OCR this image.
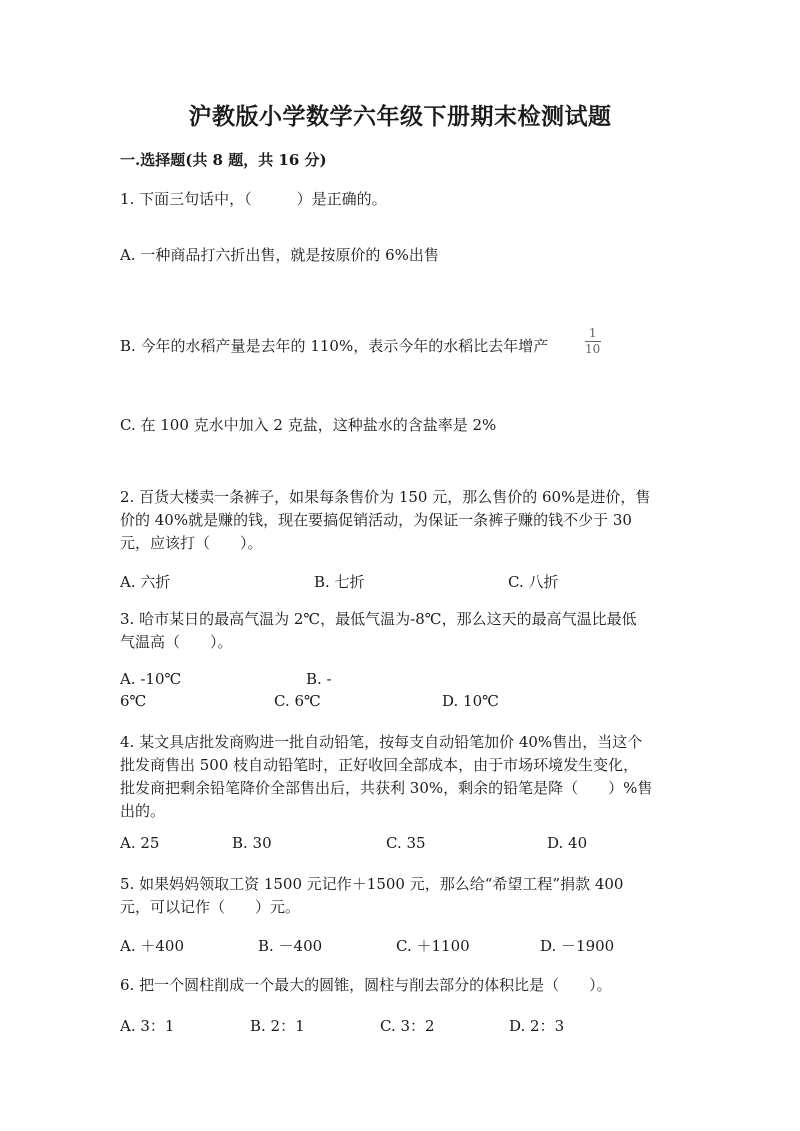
沪教版小学数学六年级下册期末检测试题
一.选择题(共 8 题，共 16 分)
1. 下面三句话中，（　　　）是正确的。
A. 一种商品打六折出售，就是按原价的 6%出售
B. 今年的水稻产量是去年的 110%，表示今年的水稻比去年增产	$\frac{1}{10}$
C. 在 100 克水中加入 2 克盐，这种盐水的含盐率是 2%
2. 百货大楼卖一条裤子，如果每条售价为 150 元，那么售价的 60%是进价，售
价的 40%就是赚的钱，现在要搞促销活动，为保证一条裤子赚的钱不少于 30
元，应该打（　　）。
A. 六折	B. 七折	C. 八折
3. 哈市某日的最高气温为 2℃，最低气温为-8℃，那么这天的最高气温比最低
气温高（　　）。
A. -10℃	B. -
6℃	C. 6℃	D. 10℃
4. 某文具店批发商购进一批自动铅笔，按每支自动铅笔加价 40%售出，当这个
批发商售出 500 枝自动铅笔时，正好收回全部成本，由于市场环境发生变化，
批发商把剩余铅笔降价全部售出后，共获利 30%，剩余的铅笔是降（　　）%售
出的。
A. 25	B. 30	C. 35	D. 40
5. 如果妈妈领取工资 1500 元记作＋1500 元，那么给“希望工程”捐款 400
元，可以记作（　　）元。
A. ＋400	B. －400	C. ＋1100	D. －1900
6. 把一个圆柱削成一个最大的圆锥，圆柱与削去部分的体积比是（　　）。
A. 3：1	B. 2：1	C. 3：2	D. 2：3
